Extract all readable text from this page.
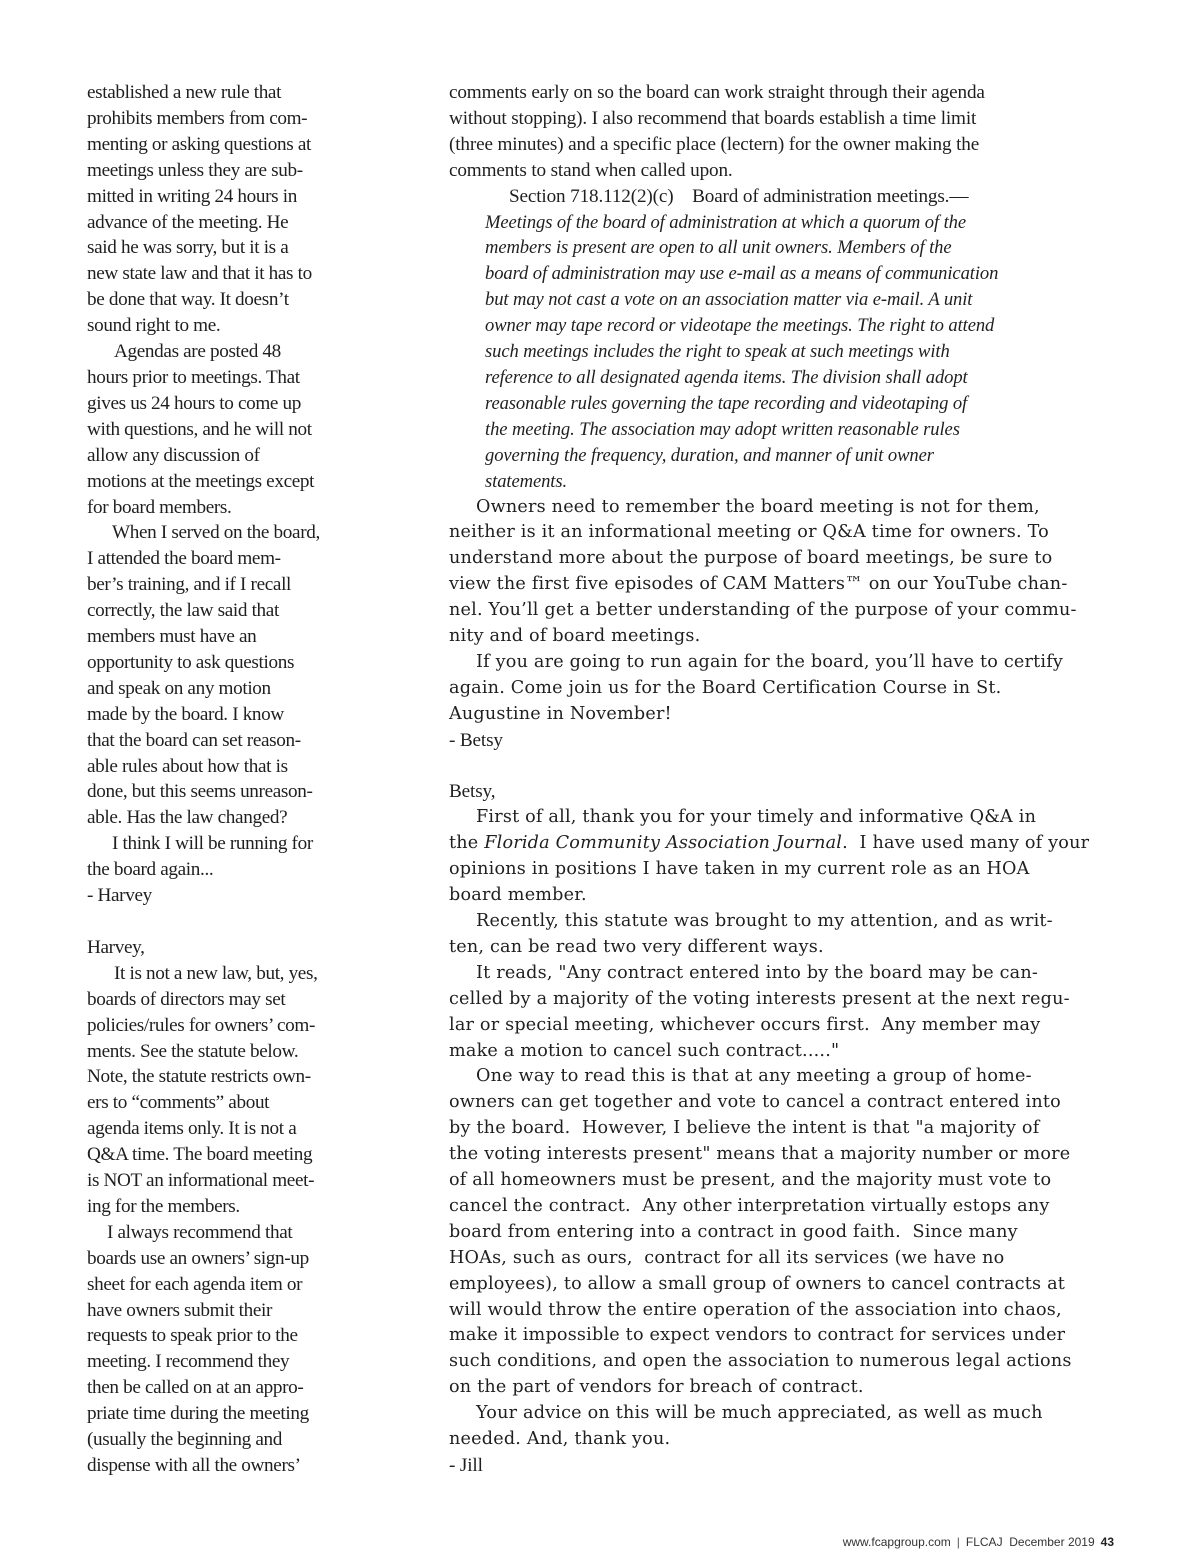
established a new rule that
prohibits members from com-
menting or asking questions at
meetings unless they are sub-
mitted in writing 24 hours in
advance of the meeting. He
said he was sorry, but it is a
new state law and that it has to
be done that way. It doesn’t
sound right to me.
Agendas are posted 48
hours prior to meetings. That
gives us 24 hours to come up
with questions, and he will not
allow any discussion of
motions at the meetings except
for board members.
When I served on the board,
I attended the board mem-
ber’s training, and if I recall
correctly, the law said that
members must have an
opportunity to ask questions
and speak on any motion
made by the board. I know
that the board can set reason-
able rules about how that is
done, but this seems unreason-
able. Has the law changed?
I think I will be running for
the board again...
- Harvey
Harvey,
It is not a new law, but, yes,
boards of directors may set
policies/rules for owners’ com-
ments. See the statute below.
Note, the statute restricts own-
ers to “comments” about
agenda items only. It is not a
Q&A time. The board meeting
is NOT an informational meet-
ing for the members.
I always recommend that
boards use an owners’ sign-up
sheet for each agenda item or
have owners submit their
requests to speak prior to the
meeting. I recommend they
then be called on at an appro-
priate time during the meeting
(usually the beginning and
dispense with all the owners’
comments early on so the board can work straight through their agenda
without stopping). I also recommend that boards establish a time limit
(three minutes) and a specific place (lectern) for the owner making the
comments to stand when called upon.
Section 718.112(2)(c)    Board of administration meetings.—
Meetings of the board of administration at which a quorum of the
members is present are open to all unit owners. Members of the
board of administration may use e-mail as a means of communication
but may not cast a vote on an association matter via e-mail. A unit
owner may tape record or videotape the meetings. The right to attend
such meetings includes the right to speak at such meetings with
reference to all designated agenda items. The division shall adopt
reasonable rules governing the tape recording and videotaping of
the meeting. The association may adopt written reasonable rules
governing the frequency, duration, and manner of unit owner
statements.
Owners need to remember the board meeting is not for them,
neither is it an informational meeting or Q&A time for owners. To
understand more about the purpose of board meetings, be sure to
view the first five episodes of CAM Matters™ on our YouTube chan-
nel. You’ll get a better understanding of the purpose of your commu-
nity and of board meetings.
If you are going to run again for the board, you’ll have to certify
again. Come join us for the Board Certification Course in St.
Augustine in November!
- Betsy
Betsy,
First of all, thank you for your timely and informative Q&A in
the Florida Community Association Journal.  I have used many of your
opinions in positions I have taken in my current role as an HOA
board member.
Recently, this statute was brought to my attention, and as writ-
ten, can be read two very different ways.
It reads, "Any contract entered into by the board may be can-
celled by a majority of the voting interests present at the next regu-
lar or special meeting, whichever occurs first.  Any member may
make a motion to cancel such contract....."
One way to read this is that at any meeting a group of home-
owners can get together and vote to cancel a contract entered into
by the board.  However, I believe the intent is that "a majority of
the voting interests present" means that a majority number or more
of all homeowners must be present, and the majority must vote to
cancel the contract.  Any other interpretation virtually estops any
board from entering into a contract in good faith.  Since many
HOAs, such as ours,  contract for all its services (we have no
employees), to allow a small group of owners to cancel contracts at
will would throw the entire operation of the association into chaos,
make it impossible to expect vendors to contract for services under
such conditions, and open the association to numerous legal actions
on the part of vendors for breach of contract.
Your advice on this will be much appreciated, as well as much
needed. And, thank you.
- Jill
www.fcapgroup.com | FLCAJ December 2019 43
